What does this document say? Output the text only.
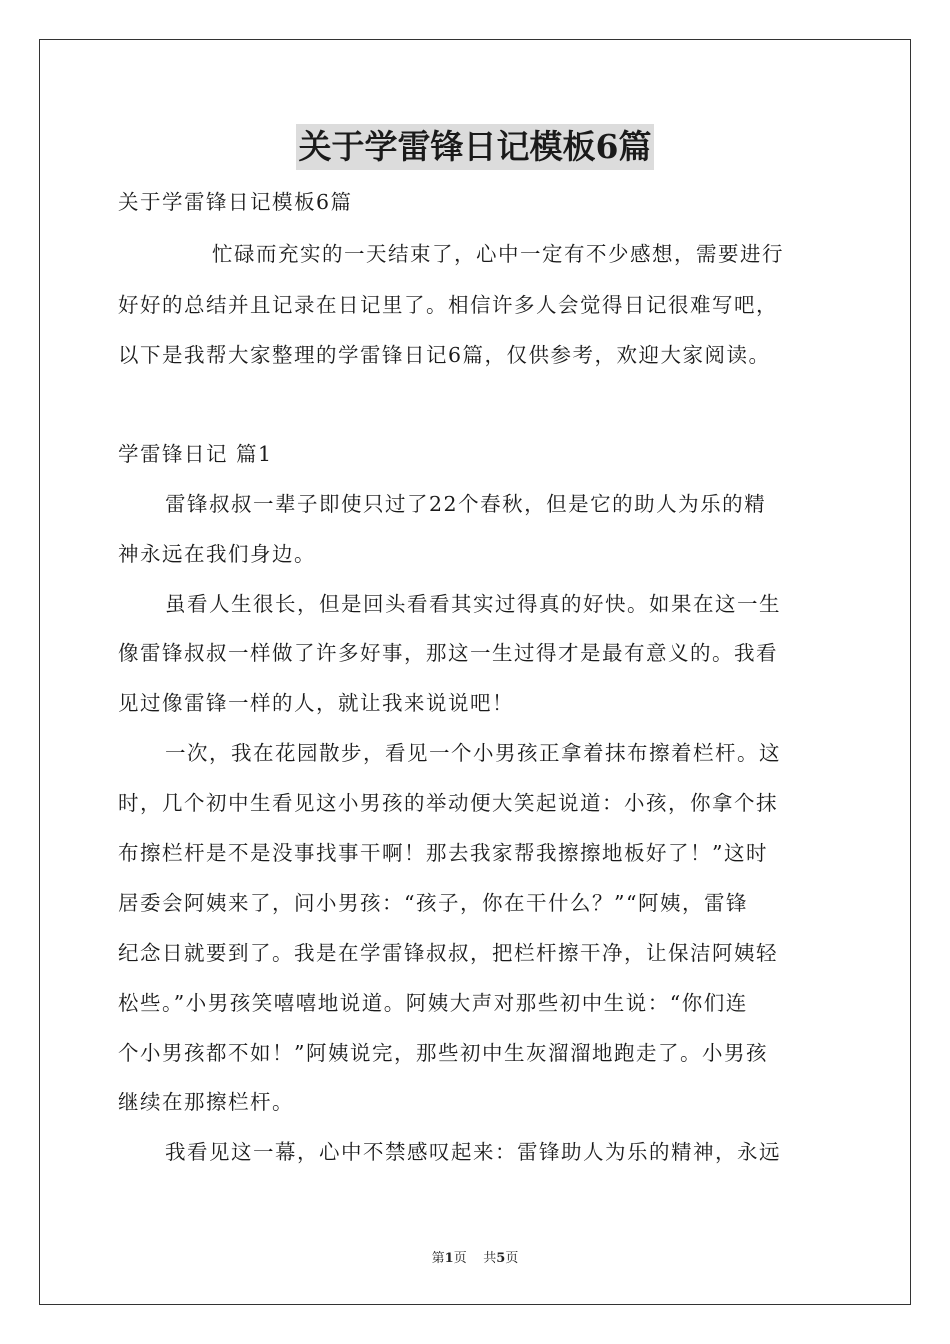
关于学雷锋日记模板6篇
关于学雷锋日记模板6篇
忙碌而充实的一天结束了，心中一定有不少感想，需要进行
好好的总结并且记录在日记里了。相信许多人会觉得日记很难写吧，
以下是我帮大家整理的学雷锋日记6篇，仅供参考，欢迎大家阅读。
学雷锋日记 篇1
雷锋叔叔一辈子即使只过了22个春秋，但是它的助人为乐的精
神永远在我们身边。
虽看人生很长，但是回头看看其实过得真的好快。如果在这一生
像雷锋叔叔一样做了许多好事，那这一生过得才是最有意义的。我看
见过像雷锋一样的人，就让我来说说吧！
一次，我在花园散步，看见一个小男孩正拿着抹布擦着栏杆。这
时，几个初中生看见这小男孩的举动便大笑起说道：小孩，你拿个抹
布擦栏杆是不是没事找事干啊！那去我家帮我擦擦地板好了！”这时
居委会阿姨来了，问小男孩：“孩子，你在干什么？”“阿姨，雷锋
纪念日就要到了。我是在学雷锋叔叔，把栏杆擦干净，让保洁阿姨轻
松些。”小男孩笑嘻嘻地说道。阿姨大声对那些初中生说：“你们连
个小男孩都不如！”阿姨说完，那些初中生灰溜溜地跑走了。小男孩
继续在那擦栏杆。
我看见这一幕，心中不禁感叹起来：雷锋助人为乐的精神，永远
第1页 共5页
